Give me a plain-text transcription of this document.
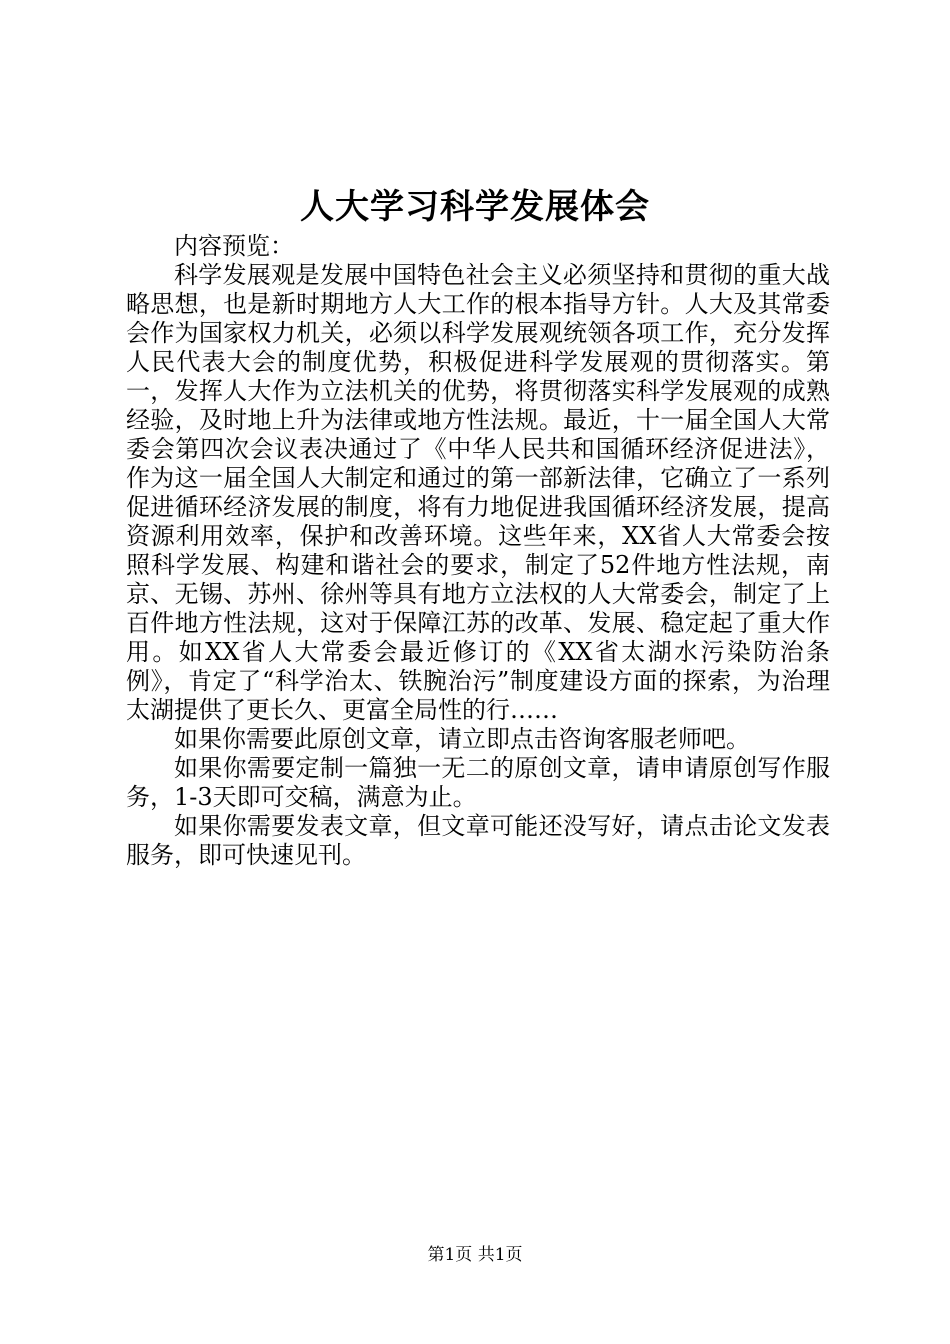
人大学习科学发展体会

内容预览：

科学发展观是发展中国特色社会主义必须坚持和贯彻的重大战略思想，也是新时期地方人大工作的根本指导方针。人大及其常委会作为国家权力机关，必须以科学发展观统领各项工作，充分发挥人民代表大会的制度优势，积极促进科学发展观的贯彻落实。第一，发挥人大作为立法机关的优势，将贯彻落实科学发展观的成熟经验，及时地上升为法律或地方性法规。最近，十一届全国人大常委会第四次会议表决通过了《中华人民共和国循环经济促进法》，作为这一届全国人大制定和通过的第一部新法律，它确立了一系列促进循环经济发展的制度，将有力地促进我国循环经济发展，提高资源利用效率，保护和改善环境。这些年来，XX省人大常委会按照科学发展、构建和谐社会的要求，制定了52件地方性法规，南京、无锡、苏州、徐州等具有地方立法权的人大常委会，制定了上百件地方性法规，这对于保障江苏的改革、发展、稳定起了重大作用。如XX省人大常委会最近修订的《XX省太湖水污染防治条例》，肯定了“科学治太、铁腕治污”制度建设方面的探索，为治理太湖提供了更长久、更富全局性的行……

如果你需要此原创文章，请立即点击咨询客服老师吧。

如果你需要定制一篇独一无二的原创文章，请申请原创写作服务，1-3天即可交稿，满意为止。

如果你需要发表文章，但文章可能还没写好，请点击论文发表服务，即可快速见刊。

第1页 共1页
